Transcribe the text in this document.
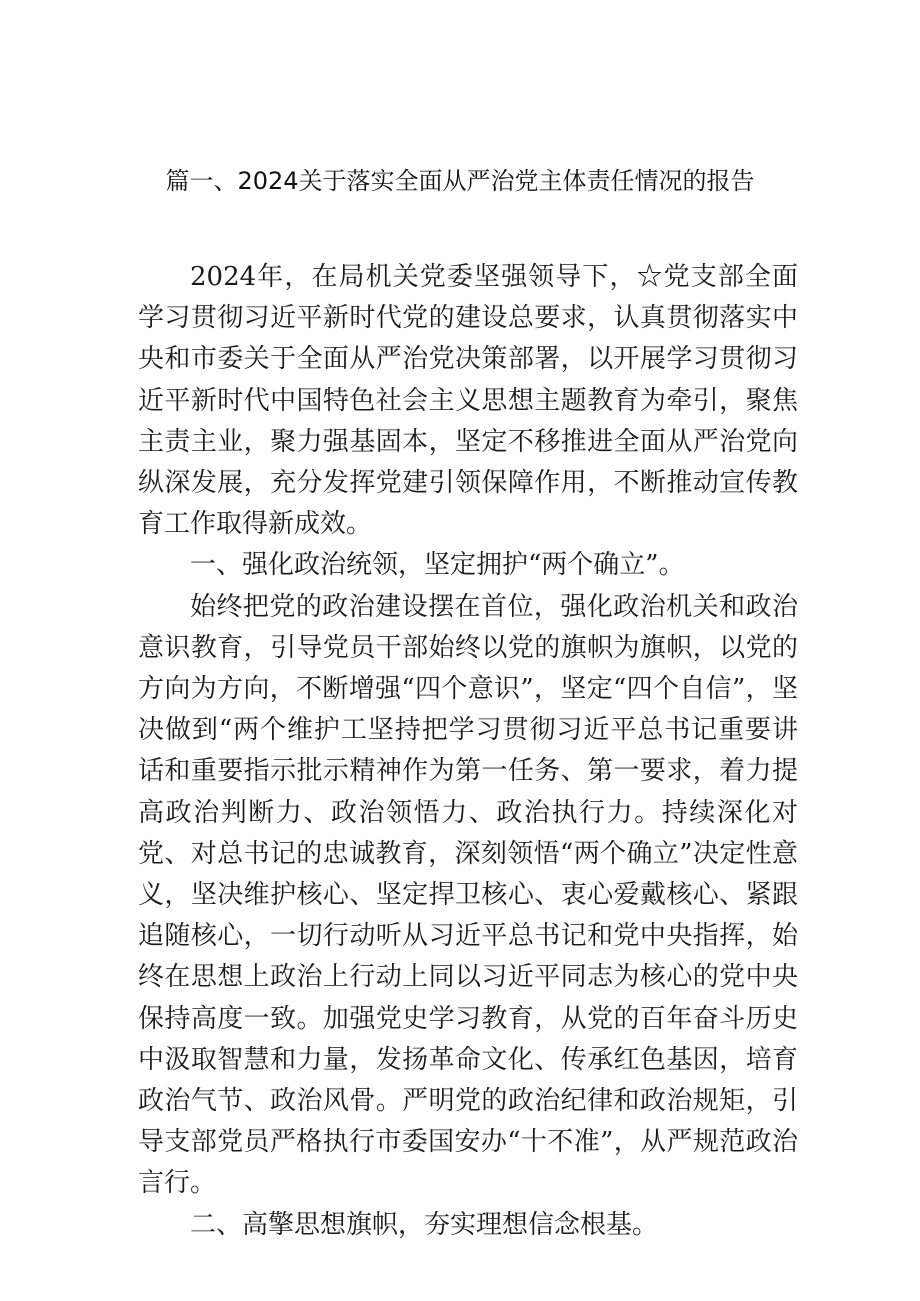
篇一、2024关于落实全面从严治党主体责任情况的报告

2024年，在局机关党委坚强领导下，☆党支部全面学习贯彻习近平新时代党的建设总要求，认真贯彻落实中央和市委关于全面从严治党决策部署，以开展学习贯彻习近平新时代中国特色社会主义思想主题教育为牵引，聚焦主责主业，聚力强基固本，坚定不移推进全面从严治党向纵深发展，充分发挥党建引领保障作用，不断推动宣传教育工作取得新成效。

一、强化政治统领，坚定拥护“两个确立”。

始终把党的政治建设摆在首位，强化政治机关和政治意识教育，引导党员干部始终以党的旗帜为旗帜，以党的方向为方向，不断增强“四个意识”，坚定“四个自信”，坚决做到“两个维护工坚持把学习贯彻习近平总书记重要讲话和重要指示批示精神作为第一任务、第一要求，着力提高政治判断力、政治领悟力、政治执行力。持续深化对党、对总书记的忠诚教育，深刻领悟“两个确立”决定性意义，坚决维护核心、坚定捍卫核心、衷心爱戴核心、紧跟追随核心，一切行动听从习近平总书记和党中央指挥，始终在思想上政治上行动上同以习近平同志为核心的党中央保持高度一致。加强党史学习教育，从党的百年奋斗历史中汲取智慧和力量，发扬革命文化、传承红色基因，培育政治气节、政治风骨。严明党的政治纪律和政治规矩，引导支部党员严格执行市委国安办“十不准”，从严规范政治言行。

二、高擎思想旗帜，夯实理想信念根基。
